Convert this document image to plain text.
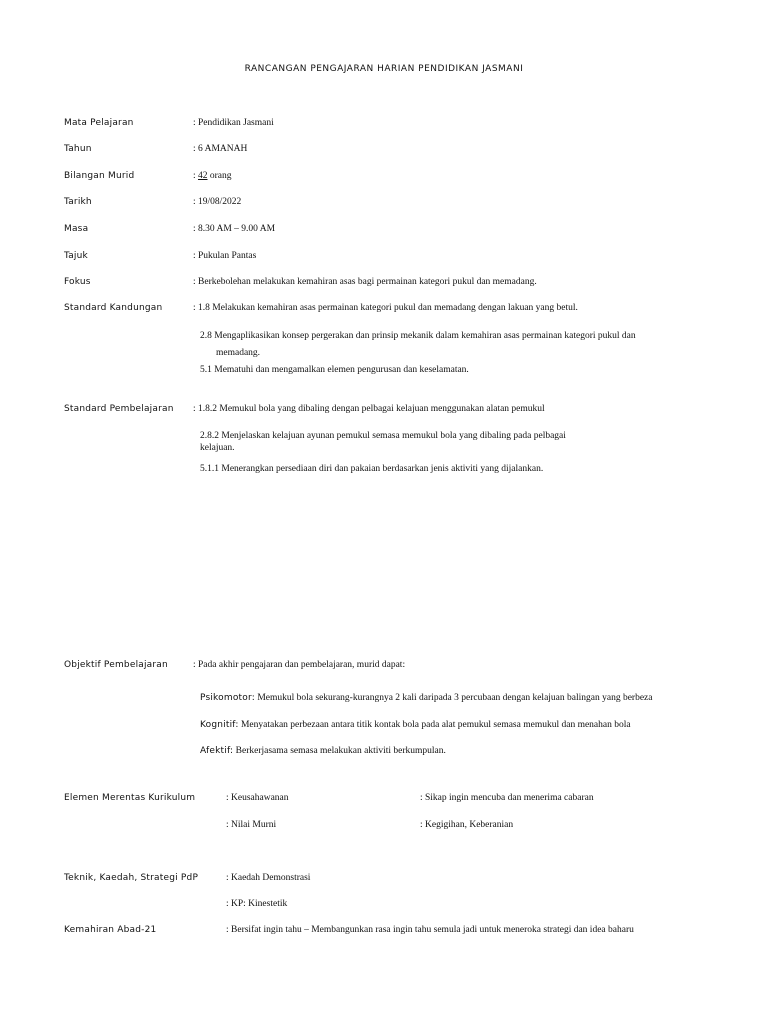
RANCANGAN PENGAJARAN HARIAN PENDIDIKAN JASMANI
Mata Pelajaran	: Pendidikan Jasmani
Tahun	: 6 AMANAH
Bilangan Murid	: 42 orang
Tarikh	: 19/08/2022
Masa	: 8.30 AM – 9.00 AM
Tajuk	: Pukulan Pantas
Fokus	: Berkebolehan melakukan kemahiran asas bagi permainan kategori pukul dan memadang.
Standard Kandungan	: 1.8 Melakukan kemahiran asas permainan kategori pukul dan memadang dengan lakuan yang betul.
2.8 Mengaplikasikan konsep pergerakan dan prinsip mekanik dalam kemahiran asas permainan kategori pukul dan
memadang.
5.1 Mematuhi dan mengamalkan elemen pengurusan dan keselamatan.
Standard Pembelajaran : 1.8.2 Memukul bola yang dibaling dengan pelbagai kelajuan menggunakan alatan pemukul
2.8.2 Menjelaskan kelajuan ayunan pemukul semasa memukul bola yang dibaling pada pelbagai
kelajuan.
5.1.1 Menerangkan persediaan diri dan pakaian berdasarkan jenis aktiviti yang dijalankan.
Objektif Pembelajaran	: Pada akhir pengajaran dan pembelajaran, murid dapat:
Psikomotor: Memukul bola sekurang-kurangnya 2 kali daripada 3 percubaan dengan kelajuan balingan yang berbeza
Kognitif: Menyatakan perbezaan antara titik kontak bola pada alat pemukul semasa memukul dan menahan bola
Afektif: Berkerjasama semasa melakukan aktiviti berkumpulan.
Elemen Merentas Kurikulum	: Keusahawanan	: Sikap ingin mencuba dan menerima cabaran
: Nilai Murni	: Kegigihan, Keberanian
Teknik, Kaedah, Strategi PdP	: Kaedah Demonstrasi
: KP: Kinestetik
Kemahiran Abad-21	: Bersifat ingin tahu – Membangunkan rasa ingin tahu semula jadi untuk meneroka strategi dan idea baharu
